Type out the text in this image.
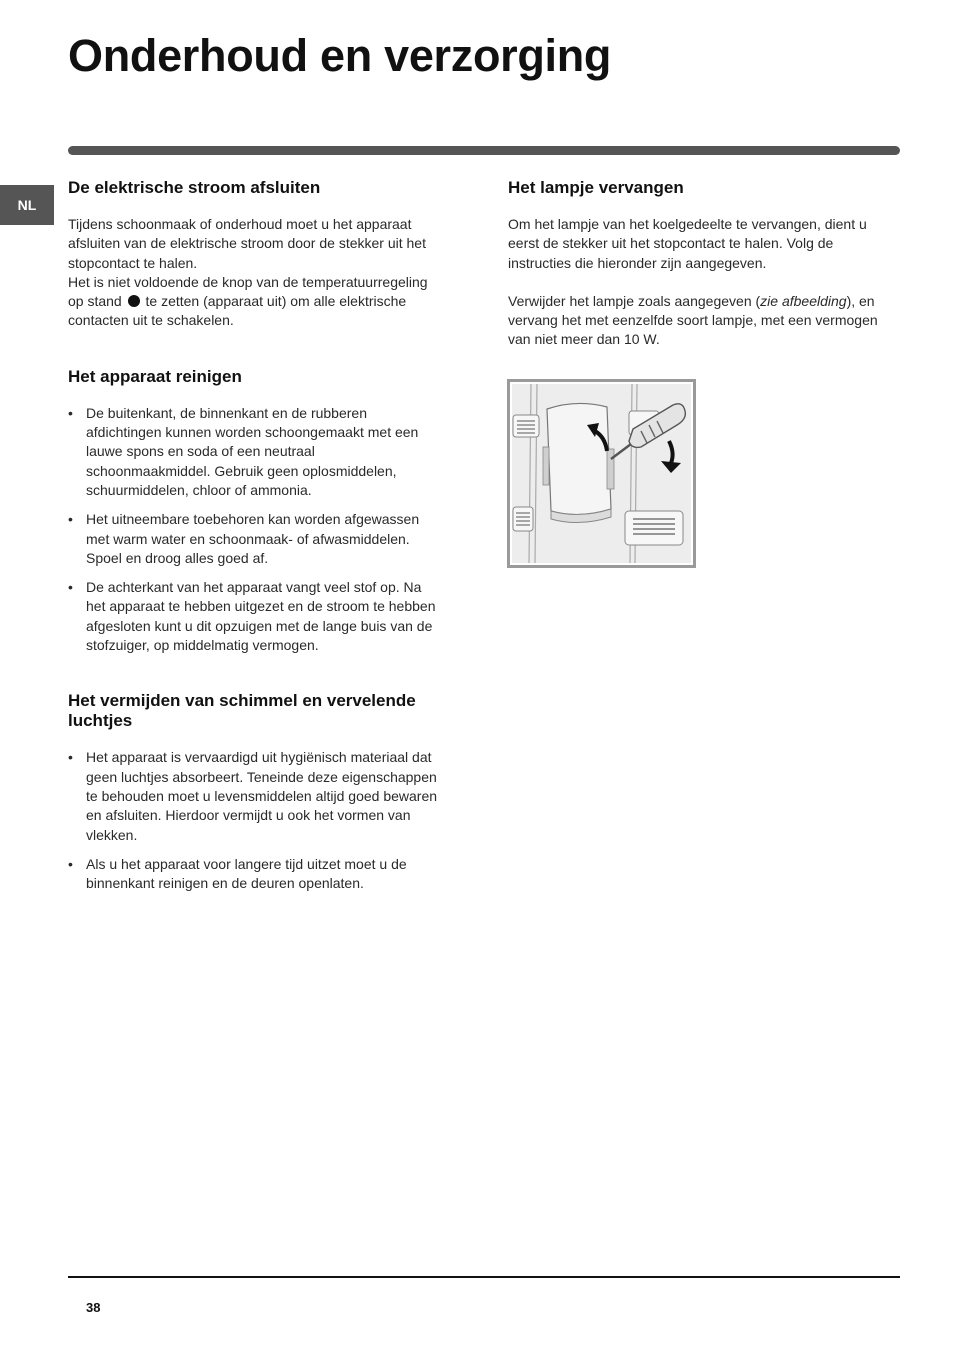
Onderhoud en verzorging
NL
De elektrische stroom afsluiten

Tijdens schoonmaak of onderhoud moet u het apparaat afsluiten van de elektrische stroom door de stekker uit het stopcontact te halen.

Het is niet voldoende de knop van de temperatuurregeling op stand te zetten (apparaat uit) om alle elektrische contacten uit te schakelen.

Het apparaat reinigen
• De buitenkant, de binnenkant en de rubberen afdichtingen kunnen worden schoongemaakt met een lauwe spons en soda of een neutraal schoonmaakmiddel. Gebruik geen oplosmiddelen, schuurmiddelen, chloor of ammonia.
• Het uitneembare toebehoren kan worden afgewassen met warm water en schoonmaak- of afwasmiddelen. Spoel en droog alles goed af.
• De achterkant van het apparaat vangt veel stof op. Na het apparaat te hebben uitgezet en de stroom te hebben afgesloten kunt u dit opzuigen met de lange buis van de stofzuiger, op middelmatig vermogen.
Het vermijden van schimmel en vervelende luchtjes
• Het apparaat is vervaardigd uit hygiënisch materiaal dat geen luchtjes absorbeert. Teneinde deze eigenschappen te behouden moet u levensmiddelen altijd goed bewaren en afsluiten. Hierdoor vermijdt u ook het vormen van vlekken.
• Als u het apparaat voor langere tijd uitzet moet u de binnenkant reinigen en de deuren openlaten.
Het lampje vervangen

Om het lampje van het koelgedeelte te vervangen, dient u eerst de stekker uit het stopcontact te halen. Volg de instructies die hieronder zijn aangegeven.

Verwijder het lampje zoals aangegeven (zie afbeelding), en vervang het met eenzelfde soort lampje, met een vermogen van niet meer dan 10 W.

38
